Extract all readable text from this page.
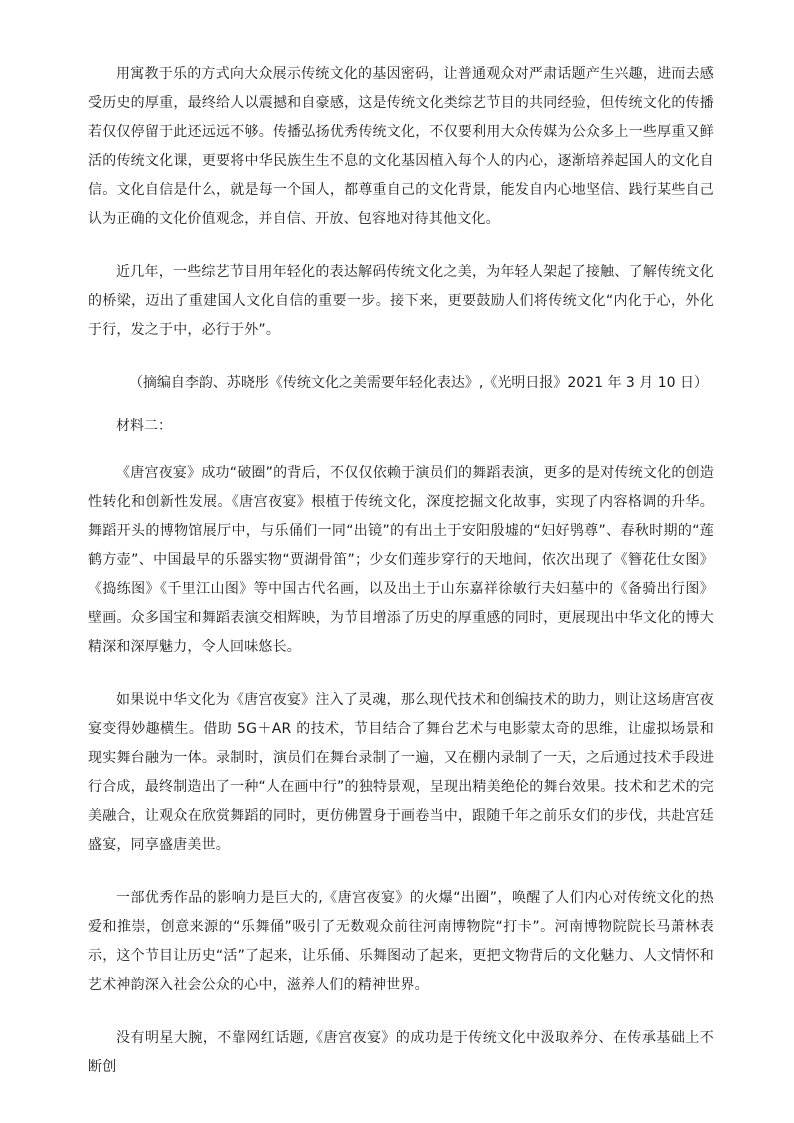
用寓教于乐的方式向大众展示传统文化的基因密码，让普通观众对严肃话题产生兴趣，进而去感受历史的厚重，最终给人以震撼和自豪感，这是传统文化类综艺节目的共同经验，但传统文化的传播若仅仅停留于此还远远不够。传播弘扬优秀传统文化，不仅要利用大众传媒为公众多上一些厚重又鲜活的传统文化课，更要将中华民族生生不息的文化基因植入每个人的内心，逐渐培养起国人的文化自信。文化自信是什么，就是每一个国人，都尊重自己的文化背景，能发自内心地坚信、践行某些自己认为正确的文化价值观念，并自信、开放、包容地对待其他文化。

近几年，一些综艺节目用年轻化的表达解码传统文化之美，为年轻人架起了接触、了解传统文化的桥梁，迈出了重建国人文化自信的重要一步。接下来，更要鼓励人们将传统文化“内化于心，外化于行，发之于中，必行于外”。

（摘编自李韵、苏晓彤《传统文化之美需要年轻化表达》,《光明日报》2021 年 3 月 10 日）

材料二：

《唐宫夜宴》成功“破圈”的背后，不仅仅依赖于演员们的舞蹈表演，更多的是对传统文化的创造性转化和创新性发展。《唐宫夜宴》根植于传统文化，深度挖掘文化故事，实现了内容格调的升华。舞蹈开头的博物馆展厅中，与乐俑们一同“出镜”的有出土于安阳殷墟的“妇好鸮尊”、春秋时期的“莲鹤方壶”、中国最早的乐器实物“贾湖骨笛”；少女们莲步穿行的天地间，依次出现了《簪花仕女图》《捣练图》《千里江山图》等中国古代名画，以及出土于山东嘉祥徐敏行夫妇墓中的《备骑出行图》壁画。众多国宝和舞蹈表演交相辉映，为节目增添了历史的厚重感的同时，更展现出中华文化的博大精深和深厚魅力，令人回味悠长。

如果说中华文化为《唐宫夜宴》注入了灵魂，那么现代技术和创编技术的助力，则让这场唐宫夜宴变得妙趣横生。借助 5G＋AR 的技术，节目结合了舞台艺术与电影蒙太奇的思维，让虚拟场景和现实舞台融为一体。录制时，演员们在舞台录制了一遍，又在棚内录制了一天，之后通过技术手段进行合成，最终制造出了一种“人在画中行”的独特景观，呈现出精美绝伦的舞台效果。技术和艺术的完美融合，让观众在欣赏舞蹈的同时，更仿佛置身于画卷当中，跟随千年之前乐女们的步伐，共赴宫廷盛宴，同享盛唐美世。

一部优秀作品的影响力是巨大的,《唐宫夜宴》的火爆“出圈”，唤醒了人们内心对传统文化的热爱和推崇，创意来源的“乐舞俑”吸引了无数观众前往河南博物院“打卡”。河南博物院院长马萧林表示，这个节目让历史“活”了起来，让乐俑、乐舞图动了起来，更把文物背后的文化魅力、人文情怀和艺术神韵深入社会公众的心中，滋养人们的精神世界。

没有明星大腕，不靠网红话题,《唐宫夜宴》的成功是于传统文化中汲取养分、在传承基础上不断创
